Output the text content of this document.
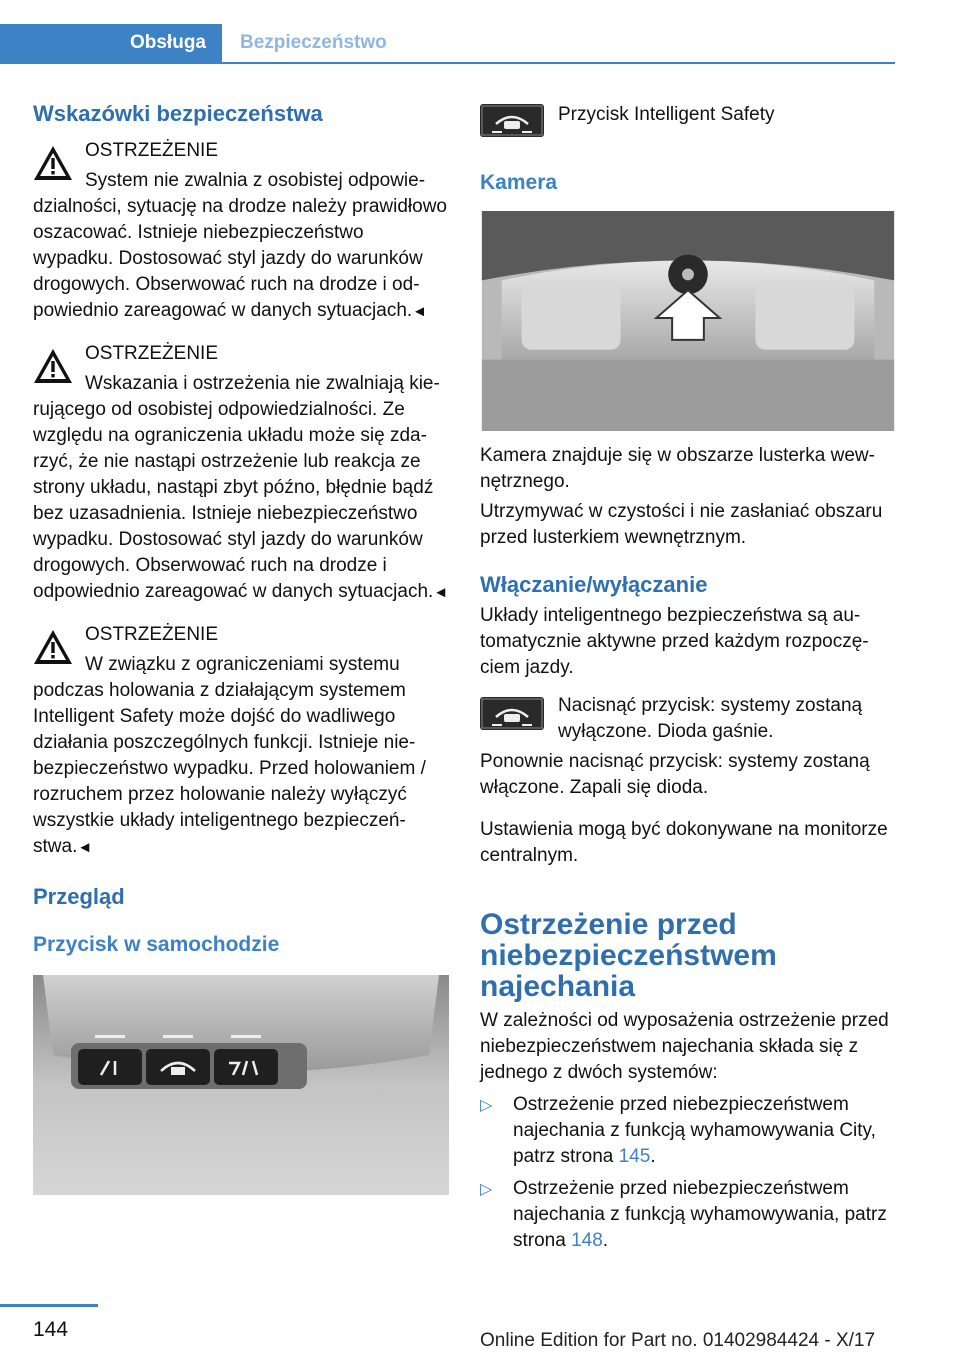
Obsługa	Bezpieczeństwo

Wskazówki bezpieczeństwa

OSTRZEŻENIE

System nie zwalnia z osobistej odpowiedzialności, sytuację na drodze należy prawidłowo oszacować. Istnieje niebezpieczeństwo wypadku. Dostosować styl jazdy do warunków drogowych. Obserwować ruch na drodze i odpowiednio zareagować w danych sytuacjach.◄

OSTRZEŻENIE

Wskazania i ostrzeżenia nie zwalniają kierującego od osobistej odpowiedzialności. Ze względu na ograniczenia układu może się zdarzyć, że nie nastąpi ostrzeżenie lub reakcja ze strony układu, nastąpi zbyt późno, błędnie bądź bez uzasadnienia. Istnieje niebezpieczeństwo wypadku. Dostosować styl jazdy do warunków drogowych. Obserwować ruch na drodze i odpowiednio zareagować w danych sytuacjach.◄

OSTRZEŻENIE

W związku z ograniczeniami systemu podczas holowania z działającym systemem Intelligent Safety może dojść do wadliwego działania poszczególnych funkcji. Istnieje niebezpieczeństwo wypadku. Przed holowaniem / rozruchem przez holowanie należy wyłączyć wszystkie układy inteligentnego bezpieczeństwa.◄

Przegląd

Przycisk w samochodzie

Przycisk Intelligent Safety

Kamera

Kamera znajduje się w obszarze lusterka wewnętrznego.

Utrzymywać w czystości i nie zasłaniać obszaru przed lusterkiem wewnętrznym.

Włączanie/wyłączanie

Układy inteligentnego bezpieczeństwa są automatycznie aktywne przed każdym rozpoczęciem jazdy.

Nacisnąć przycisk: systemy zostaną wyłączone. Dioda gaśnie.

Ponownie nacisnąć przycisk: systemy zostaną włączone. Zapali się dioda.

Ustawienia mogą być dokonywane na monitorze centralnym.

Ostrzeżenie przed niebezpieczeństwem najechania

W zależności od wyposażenia ostrzeżenie przed niebezpieczeństwem najechania składa się z jednego z dwóch systemów:

▷ Ostrzeżenie przed niebezpieczeństwem najechania z funkcją wyhamowywania City, patrz strona 145.
▷ Ostrzeżenie przed niebezpieczeństwem najechania z funkcją wyhamowywania, patrz strona 148.
144	Online Edition for Part no. 01402984424 - X/17
